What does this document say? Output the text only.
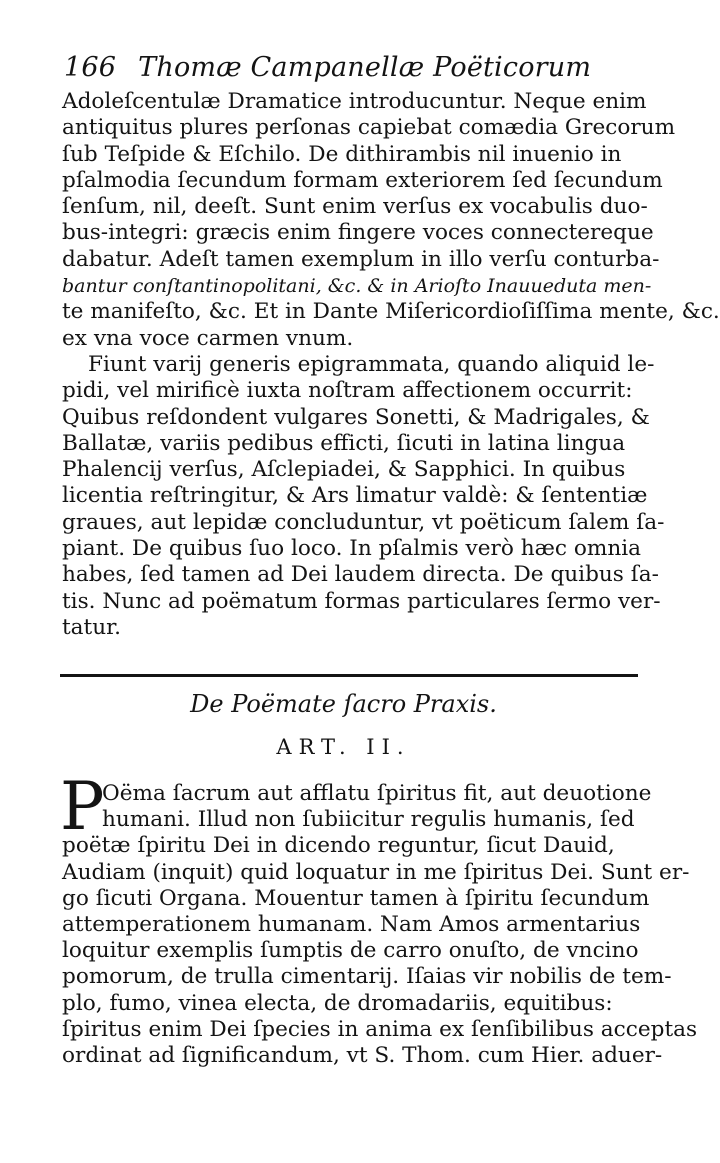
166 Thomæ Campanellæ Poëticorum
Adoleſcentulæ Dramatice introducuntur. Neque enim
antiquitus plures perſonas capiebat comædia Grecorum
ſub Teſpide & Eſchilo. De dithirambis nil inuenio in
pſalmodia ſecundum formam exteriorem ſed ſecundum
ſenſum, nil, deeſt. Sunt enim verſus ex vocabulis duo-
bus-integri: græcis enim fingere voces connectereque
dabatur. Adeſt tamen exemplum in illo verſu conturba-
bantur conſtantinopolitani, &c. & in Arioſto Inauueduta men-
te manifeſto, &c. Et in Dante Miſericordioſiſſima mente, &c.
ex vna voce carmen vnum.
Fiunt varij generis epigrammata, quando aliquid le-
pidi, vel mirificè iuxta noſtram affectionem occurrit:
Quibus reſdondent vulgares Sonetti, & Madrigales, &
Ballatæ, variis pedibus efficti, ſicuti in latina lingua
Phalencij verſus, Aſclepiadei, & Sapphici. In quibus
licentia reſtringitur, & Ars limatur valdè: & ſententiæ
graues, aut lepidæ concluduntur, vt poëticum ſalem ſa-
piant. De quibus ſuo loco. In pſalmis verò hæc omnia
habes, ſed tamen ad Dei laudem directa. De quibus ſa-
tis. Nunc ad poëmatum formas particulares ſermo ver-
tatur.
De Poëmate ſacro Praxis.
ART. II.
P
Oëma ſacrum aut afflatu ſpiritus fit, aut deuotione
humani. Illud non ſubiicitur regulis humanis, ſed
poëtæ ſpiritu Dei in dicendo reguntur, ſicut Dauid,
Audiam (inquit) quid loquatur in me ſpiritus Dei. Sunt er-
go ſicuti Organa. Mouentur tamen à ſpiritu ſecundum
attemperationem humanam. Nam Amos armentarius
loquitur exemplis ſumptis de carro onuſto, de vncino
pomorum, de trulla cimentarij. Iſaias vir nobilis de tem-
plo, fumo, vinea electa, de dromadariis, equitibus:
ſpiritus enim Dei ſpecies in anima ex ſenſibilibus acceptas
ordinat ad ſignificandum, vt S. Thom. cum Hier. aduer-
